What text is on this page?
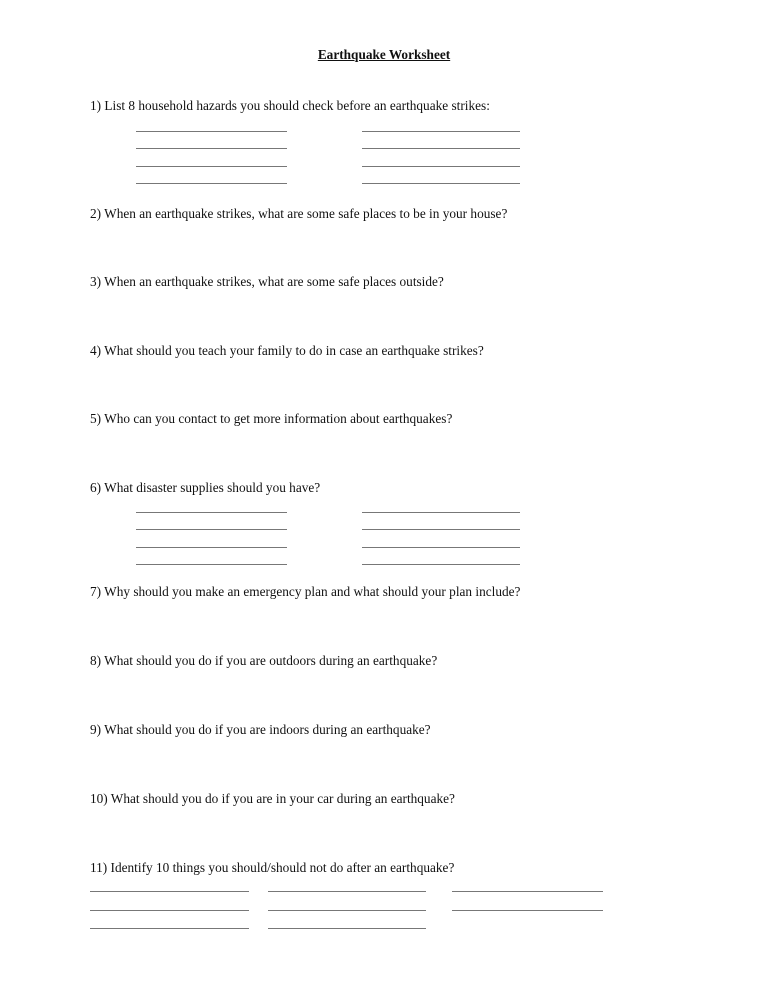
Earthquake Worksheet
1) List 8 household hazards you should check before an earthquake strikes:
2) When an earthquake strikes, what are some safe places to be in your house?
3) When an earthquake strikes, what are some safe places outside?
4) What should you teach your family to do in case an earthquake strikes?
5) Who can you contact to get more information about earthquakes?
6) What disaster supplies should you have?
7) Why should you make an emergency plan and what should your plan include?
8) What should you do if you are outdoors during an earthquake?
9) What should you do if you are indoors during an earthquake?
10) What should you do if you are in your car during an earthquake?
11) Identify 10 things you should/should not do after an earthquake?
